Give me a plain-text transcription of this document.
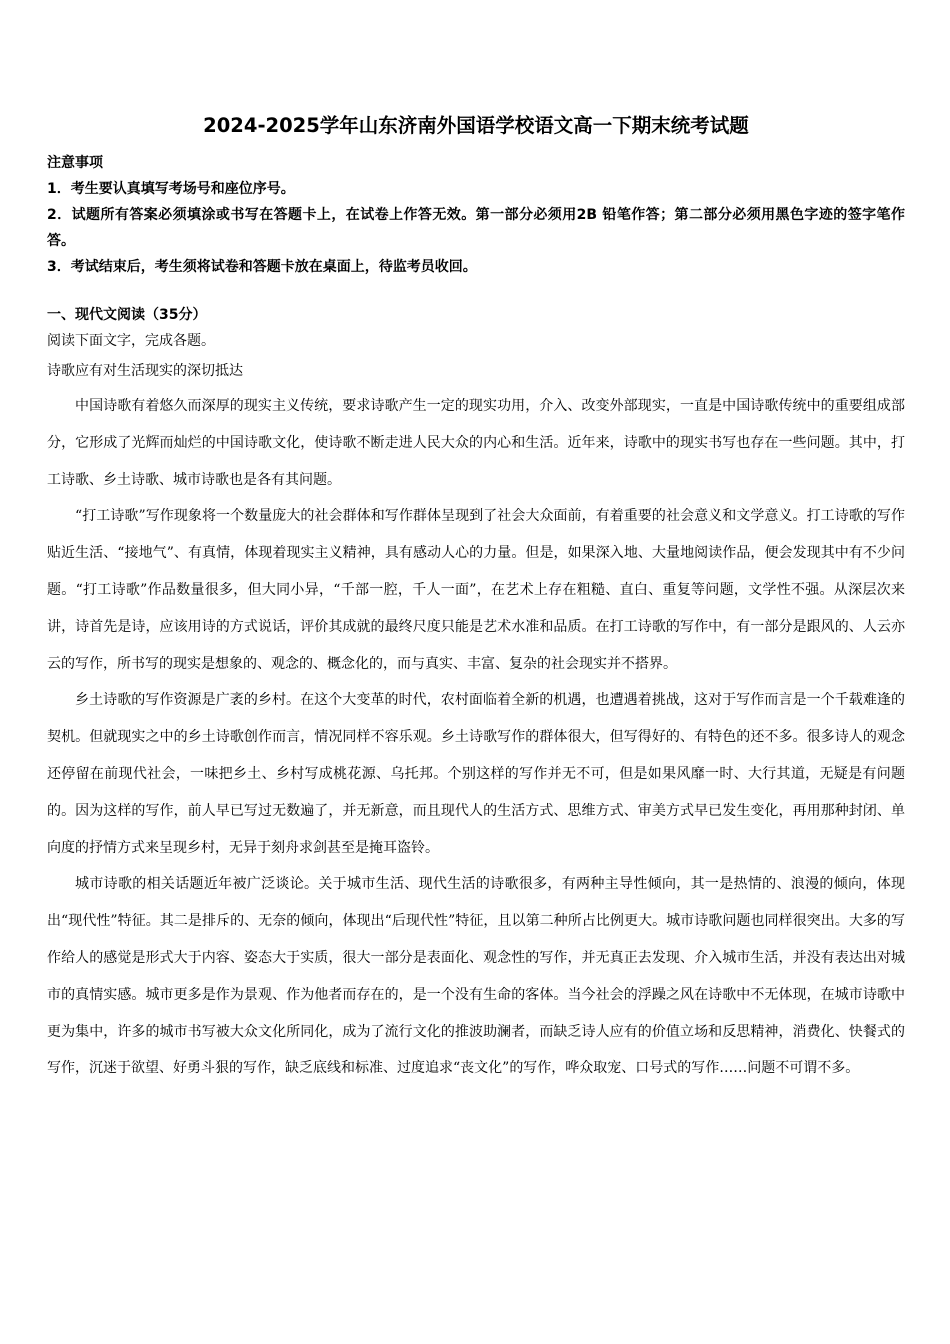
2024-2025学年山东济南外国语学校语文高一下期末统考试题

注意事项

1．考生要认真填写考场号和座位序号。

2．试题所有答案必须填涂或书写在答题卡上，在试卷上作答无效。第一部分必须用2B 铅笔作答；第二部分必须用黑色字迹的签字笔作答。

3．考试结束后，考生须将试卷和答题卡放在桌面上，待监考员收回。

一、现代文阅读（35分）

阅读下面文字，完成各题。

诗歌应有对生活现实的深切抵达

中国诗歌有着悠久而深厚的现实主义传统，要求诗歌产生一定的现实功用，介入、改变外部现实，一直是中国诗歌传统中的重要组成部分，它形成了光辉而灿烂的中国诗歌文化，使诗歌不断走进人民大众的内心和生活。近年来，诗歌中的现实书写也存在一些问题。其中，打工诗歌、乡土诗歌、城市诗歌也是各有其问题。

“打工诗歌”写作现象将一个数量庞大的社会群体和写作群体呈现到了社会大众面前，有着重要的社会意义和文学意义。打工诗歌的写作贴近生活、“接地气”、有真情，体现着现实主义精神，具有感动人心的力量。但是，如果深入地、大量地阅读作品，便会发现其中有不少问题。“打工诗歌”作品数量很多，但大同小异，“千部一腔，千人一面”，在艺术上存在粗糙、直白、重复等问题，文学性不强。从深层次来讲，诗首先是诗，应该用诗的方式说话，评价其成就的最终尺度只能是艺术水准和品质。在打工诗歌的写作中，有一部分是跟风的、人云亦云的写作，所书写的现实是想象的、观念的、概念化的，而与真实、丰富、复杂的社会现实并不搭界。

乡土诗歌的写作资源是广袤的乡村。在这个大变革的时代，农村面临着全新的机遇，也遭遇着挑战，这对于写作而言是一个千载难逢的契机。但就现实之中的乡土诗歌创作而言，情况同样不容乐观。乡土诗歌写作的群体很大，但写得好的、有特色的还不多。很多诗人的观念还停留在前现代社会，一味把乡土、乡村写成桃花源、乌托邦。个别这样的写作并无不可，但是如果风靡一时、大行其道，无疑是有问题的。因为这样的写作，前人早已写过无数遍了，并无新意，而且现代人的生活方式、思维方式、审美方式早已发生变化，再用那种封闭、单向度的抒情方式来呈现乡村，无异于刻舟求剑甚至是掩耳盗铃。

城市诗歌的相关话题近年被广泛谈论。关于城市生活、现代生活的诗歌很多，有两种主导性倾向，其一是热情的、浪漫的倾向，体现出“现代性”特征。其二是排斥的、无奈的倾向，体现出“后现代性”特征，且以第二种所占比例更大。城市诗歌问题也同样很突出。大多的写作给人的感觉是形式大于内容、姿态大于实质，很大一部分是表面化、观念性的写作，并无真正去发现、介入城市生活，并没有表达出对城市的真情实感。城市更多是作为景观、作为他者而存在的，是一个没有生命的客体。当今社会的浮躁之风在诗歌中不无体现，在城市诗歌中更为集中，许多的城市书写被大众文化所同化，成为了流行文化的推波助澜者，而缺乏诗人应有的价值立场和反思精神，消费化、快餐式的写作，沉迷于欲望、好勇斗狠的写作，缺乏底线和标准、过度追求“丧文化”的写作，哗众取宠、口号式的写作……问题不可谓不多。
